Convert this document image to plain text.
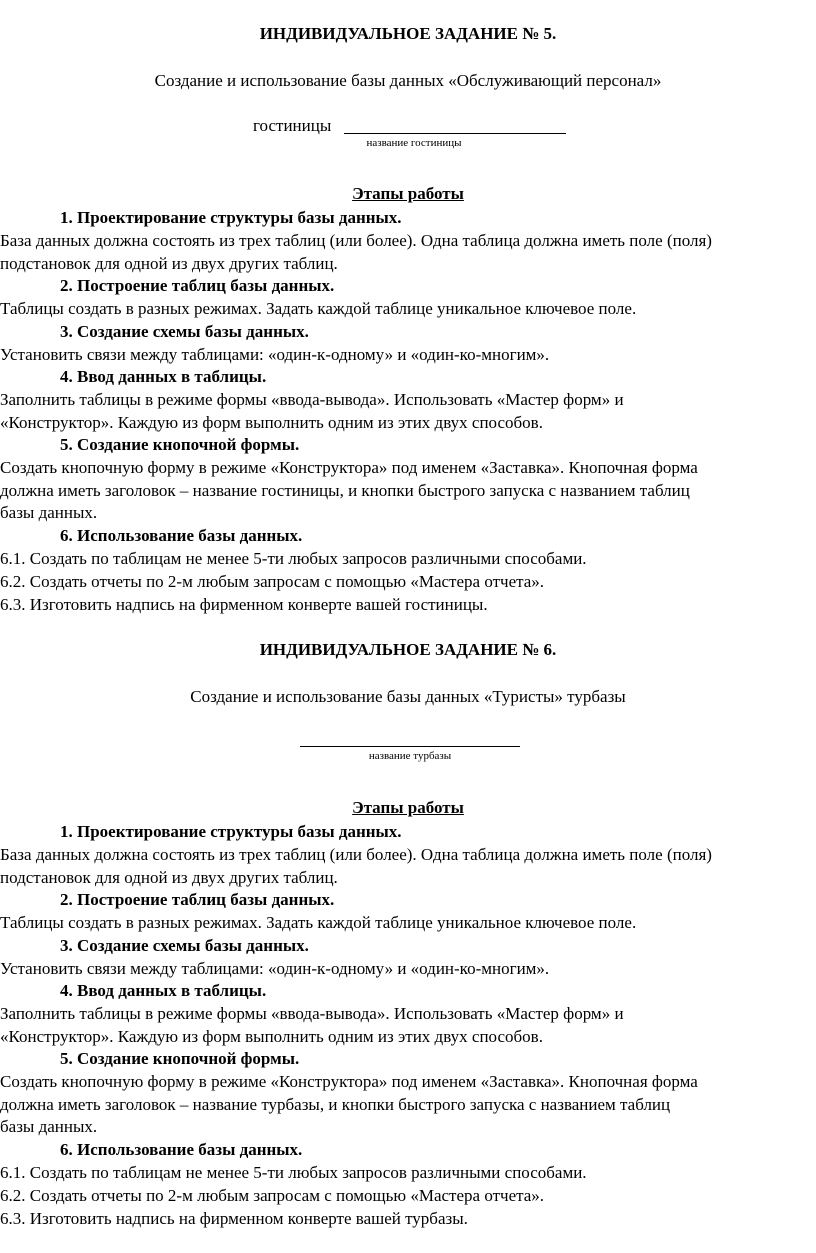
ИНДИВИДУАЛЬНОЕ ЗАДАНИЕ № 5.
Создание и использование базы данных «Обслуживающий персонал»
гостиницы
название гостиницы
Этапы работы
1. Проектирование структуры базы данных.
База данных должна состоять из трех таблиц (или более). Одна таблица должна иметь поле (поля)
подстановок для одной из двух других таблиц.
2. Построение таблиц базы данных.
Таблицы создать в разных режимах. Задать каждой таблице уникальное ключевое поле.
3. Создание схемы базы данных.
Установить связи между таблицами: «один-к-одному» и «один-ко-многим».
4. Ввод данных в таблицы.
Заполнить таблицы в режиме формы «ввода-вывода». Использовать «Мастер форм» и
«Конструктор». Каждую из форм выполнить одним из этих двух способов.
5. Создание кнопочной формы.
Создать кнопочную форму в режиме «Конструктора» под именем «Заставка». Кнопочная форма
должна иметь заголовок – название гостиницы, и кнопки быстрого запуска с названием таблиц
базы данных.
6. Использование базы данных.
6.1. Создать по таблицам не менее 5-ти любых запросов различными способами.
6.2. Создать отчеты по 2-м любым запросам с помощью «Мастера отчета».
6.3. Изготовить надпись на фирменном конверте вашей гостиницы.
ИНДИВИДУАЛЬНОЕ ЗАДАНИЕ № 6.
Создание и использование базы данных «Туристы» турбазы
название турбазы
Этапы работы
1. Проектирование структуры базы данных.
База данных должна состоять из трех таблиц (или более). Одна таблица должна иметь поле (поля)
подстановок для одной из двух других таблиц.
2. Построение таблиц базы данных.
Таблицы создать в разных режимах. Задать каждой таблице уникальное ключевое поле.
3. Создание схемы базы данных.
Установить связи между таблицами: «один-к-одному» и «один-ко-многим».
4. Ввод данных в таблицы.
Заполнить таблицы в режиме формы «ввода-вывода». Использовать «Мастер форм» и
«Конструктор». Каждую из форм выполнить одним из этих двух способов.
5. Создание кнопочной формы.
Создать кнопочную форму в режиме «Конструктора» под именем «Заставка». Кнопочная форма
должна иметь заголовок – название турбазы, и кнопки быстрого запуска с названием таблиц
базы данных.
6. Использование базы данных.
6.1. Создать по таблицам не менее 5-ти любых запросов различными способами.
6.2. Создать отчеты по 2-м любым запросам с помощью «Мастера отчета».
6.3. Изготовить надпись на фирменном конверте вашей турбазы.
